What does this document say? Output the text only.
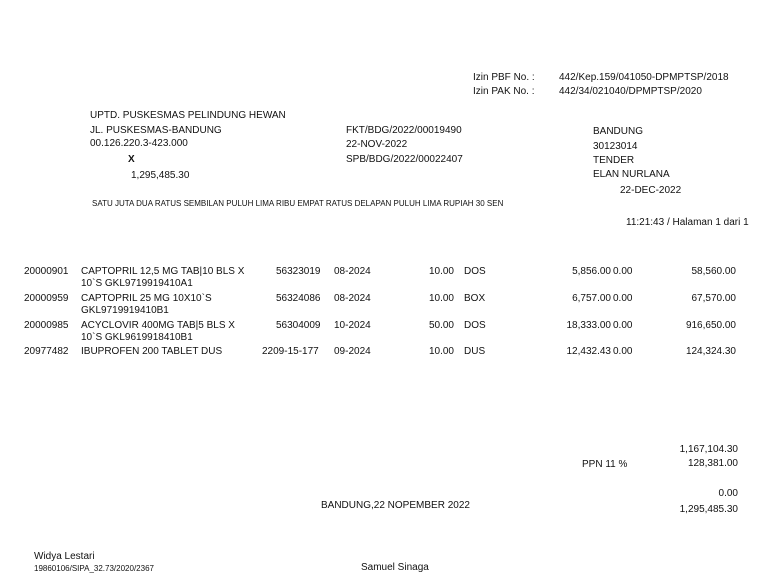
Izin PBF No. : 442/Kep.159/041050-DPMPTSP/2018
Izin PAK No. : 442/34/021040/DPMPTSP/2020
UPTD. PUSKESMAS PELINDUNG HEWAN
JL. PUSKESMAS-BANDUNG
00.126.220.3-423.000
X
1,295,485.30
FKT/BDG/2022/00019490
22-NOV-2022
SPB/BDG/2022/00022407
BANDUNG
30123014
TENDER
ELAN NURLANA
22-DEC-2022
SATU JUTA DUA RATUS SEMBILAN PULUH LIMA RIBU EMPAT RATUS DELAPAN PULUH LIMA RUPIAH 30 SEN
11:21:43 / Halaman 1 dari 1
20000901 CAPTOPRIL 12,5 MG TAB|10 BLS X
10`S GKL9719919410A1
56323019 08-2024	10.00 DOS	5,856.00 0.00	58,560.00
20000959 CAPTOPRIL 25 MG 10X10`S
GKL9719919410B1
56324086 08-2024	10.00 BOX	6,757.00 0.00	67,570.00
20000985 ACYCLOVIR 400MG TAB|5 BLS X
10`S GKL9619918410B1
56304009 10-2024	50.00 DOS	18,333.00 0.00	916,650.00
20977482 IBUPROFEN 200 TABLET DUS	2209-15-177 09-2024	10.00 DUS	12,432.43 0.00	124,324.30
1,167,104.30
PPN 11 %	128,381.00
0.00
1,295,485.30
BANDUNG,22 NOPEMBER 2022
Widya Lestari
19860106/SIPA_32.73/2020/2367	Samuel Sinaga
